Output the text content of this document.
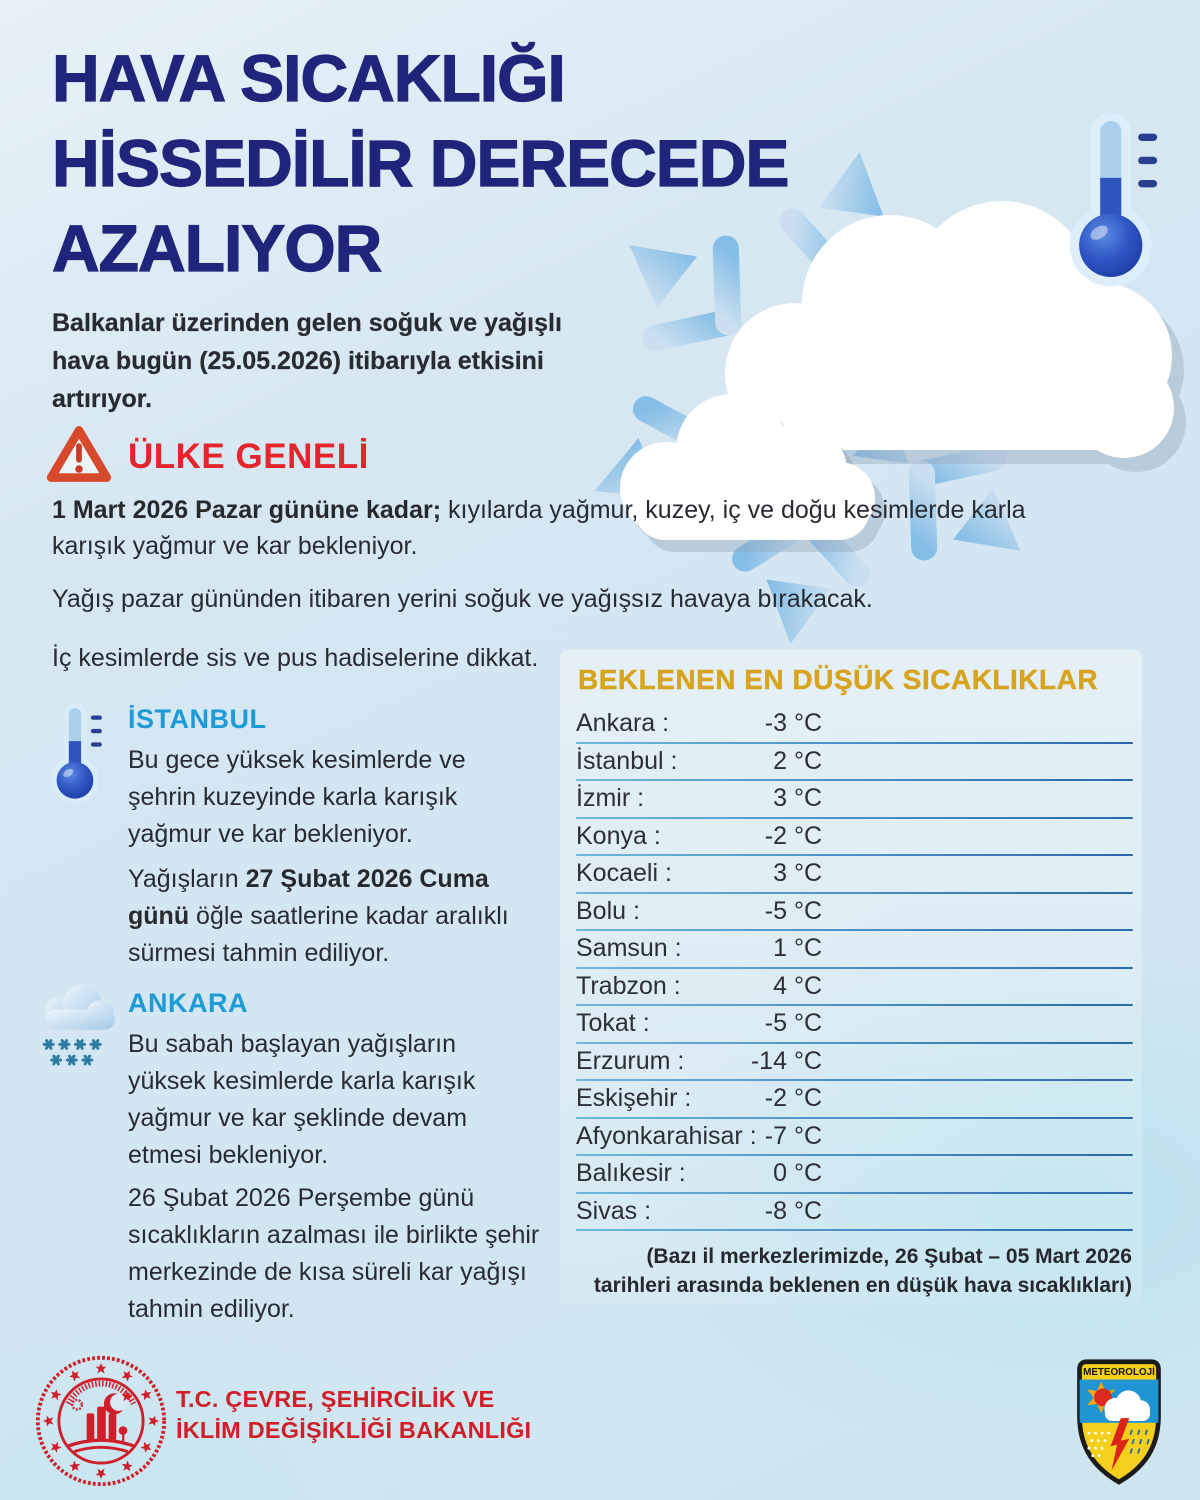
HAVA SICAKLIĞI
HİSSEDİLİR DERECEDE
AZALIYOR

Balkanlar üzerinden gelen soğuk ve yağışlı hava bugün (25.05.2026) itibarıyla etkisini artırıyor.

ÜLKE GENELİ

1 Mart 2026 Pazar gününe kadar; kıyılarda yağmur, kuzey, iç ve doğu kesimlerde karla karışık yağmur ve kar bekleniyor.

Yağış pazar gününden itibaren yerini soğuk ve yağışsız havaya bırakacak.

İç kesimlerde sis ve pus hadiselerine dikkat.

İSTANBUL

Bu gece yüksek kesimlerde ve şehrin kuzeyinde karla karışık yağmur ve kar bekleniyor.

Yağışların 27 Şubat 2026 Cuma günü öğle saatlerine kadar aralıklı sürmesi tahmin ediliyor.

ANKARA

Bu sabah başlayan yağışların yüksek kesimlerde karla karışık yağmur ve kar şeklinde devam etmesi bekleniyor.

26 Şubat 2026 Perşembe günü sıcaklıkların azalması ile birlikte şehir merkezinde de kısa süreli kar yağışı tahmin ediliyor.

BEKLENEN EN DÜŞÜK SICAKLIKLAR
Ankara :	-3 °C
İstanbul :	2 °C
İzmir :	3 °C
Konya :	-2 °C
Kocaeli :	3 °C
Bolu :	-5 °C
Samsun :	1 °C
Trabzon :	4 °C
Tokat :	-5 °C
Erzurum :	-14 °C
Eskişehir :	-2 °C
Afyonkarahisar : -7 °C
Balıkesir :	0 °C
Sivas :	-8 °C
(Bazı il merkezlerimizde, 26 Şubat – 05 Mart 2026 tarihleri arasında beklenen en düşük hava sıcaklıkları)
T.C. ÇEVRE, ŞEHİRCİLİK VE
İKLİM DEĞİŞİKLİĞİ BAKANLIĞI
METEOROLOJİ
